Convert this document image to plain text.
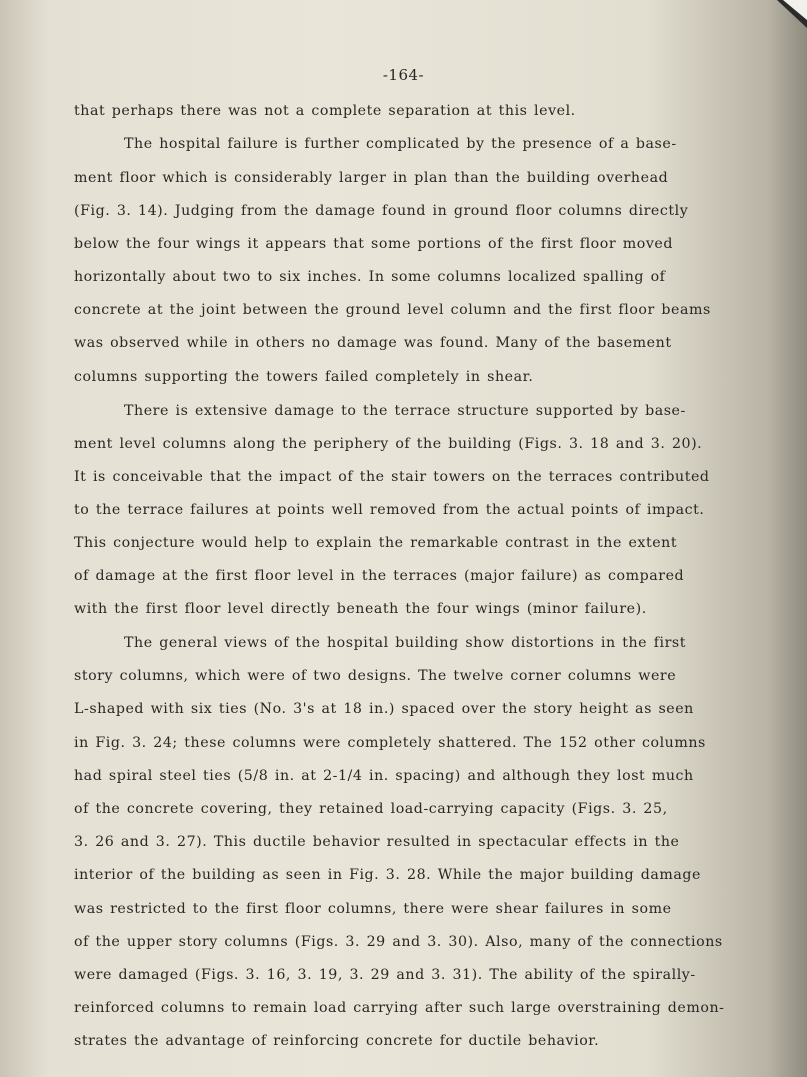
-164-
that perhaps there was not a complete separation at this level.
The hospital failure is further complicated by the presence of a base-
ment floor which is considerably larger in plan than the building overhead
(Fig. 3. 14). Judging from the damage found in ground floor columns directly
below the four wings it appears that some portions of the first floor moved
horizontally about two to six inches. In some columns localized spalling of
concrete at the joint between the ground level column and the first floor beams
was observed while in others no damage was found. Many of the basement
columns supporting the towers failed completely in shear.
There is extensive damage to the terrace structure supported by base-
ment level columns along the periphery of the building (Figs. 3. 18 and 3. 20).
It is conceivable that the impact of the stair towers on the terraces contributed
to the terrace failures at points well removed from the actual points of impact.
This conjecture would help to explain the remarkable contrast in the extent
of damage at the first floor level in the terraces (major failure) as compared
with the first floor level directly beneath the four wings (minor failure).
The general views of the hospital building show distortions in the first
story columns, which were of two designs. The twelve corner columns were
L-shaped with six ties (No. 3's at 18 in.) spaced over the story height as seen
in Fig. 3. 24; these columns were completely shattered. The 152 other columns
had spiral steel ties (5/8 in. at 2-1/4 in. spacing) and although they lost much
of the concrete covering, they retained load-carrying capacity (Figs. 3. 25,
3. 26 and 3. 27). This ductile behavior resulted in spectacular effects in the
interior of the building as seen in Fig. 3. 28. While the major building damage
was restricted to the first floor columns, there were shear failures in some
of the upper story columns (Figs. 3. 29 and 3. 30). Also, many of the connections
were damaged (Figs. 3. 16, 3. 19, 3. 29 and 3. 31). The ability of the spirally-
reinforced columns to remain load carrying after such large overstraining demon-
strates the advantage of reinforcing concrete for ductile behavior.
